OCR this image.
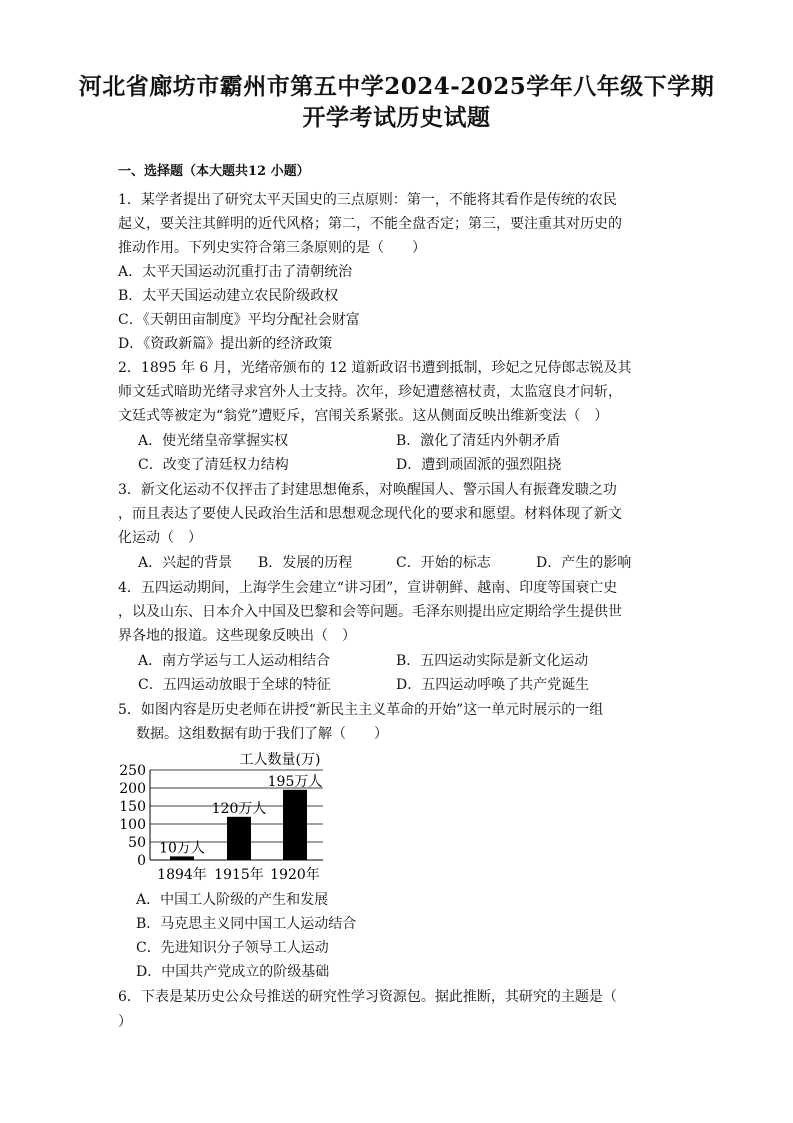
河北省廊坊市霸州市第五中学2024-2025学年八年级下学期
开学考试历史试题
一、选择题（本大题共12 小题）
1．某学者提出了研究太平天国史的三点原则：第一，不能将其看作是传统的农民
起义，要关注其鲜明的近代风格；第二，不能全盘否定；第三，要注重其对历史的
推动作用。下列史实符合第三条原则的是（　　）
A．太平天国运动沉重打击了清朝统治
B．太平天国运动建立农民阶级政权
C．《天朝田亩制度》平均分配社会财富
D．《资政新篇》提出新的经济政策
2．1895 年 6 月，光绪帝颁布的 12 道新政诏书遭到抵制，珍妃之兄侍郎志锐及其
师文廷式暗助光绪寻求宫外人士支持。次年，珍妃遭慈禧杖责，太监寇良才问斩，
文廷式等被定为“翁党”遭贬斥，宫闱关系紧张。这从侧面反映出维新变法（　）
A．使光绪皇帝掌握实权	B．激化了清廷内外朝矛盾
C．改变了清廷权力结构	D．遭到顽固派的强烈阻挠
3．新文化运动不仅抨击了封建思想俺系，对唤醒国人、警示国人有振聋发聩之功
，而且表达了要使人民政治生活和思想观念现代化的要求和愿望。材料体现了新文
化运动（　）
A．兴起的背景 B．发展的历程	C．开始的标志	D．产生的影响
4．五四运动期间，上海学生会建立“讲习团”，宣讲朝鲜、越南、印度等国衰亡史
，以及山东、日本介入中国及巴黎和会等问题。毛泽东则提出应定期给学生提供世
界各地的报道。这些现象反映出（　）
A．南方学运与工人运动相结合	B．五四运动实际是新文化运动
C．五四运动放眼于全球的特征	D．五四运动呼唤了共产党诞生
5．如图内容是历史老师在讲授“新民主主义革命的开始”这一单元时展示的一组
数据。这组数据有助于我们了解（　　）
工人数量(万)
0
50
100
150
200
250
10万人
120万人
195万人
1894年 1915年 1920年
A．中国工人阶级的产生和发展
B．马克思主义同中国工人运动结合
C．先进知识分子领导工人运动
D．中国共产党成立的阶级基础
6．下表是某历史公众号推送的研究性学习资源包。据此推断，其研究的主题是（
）
